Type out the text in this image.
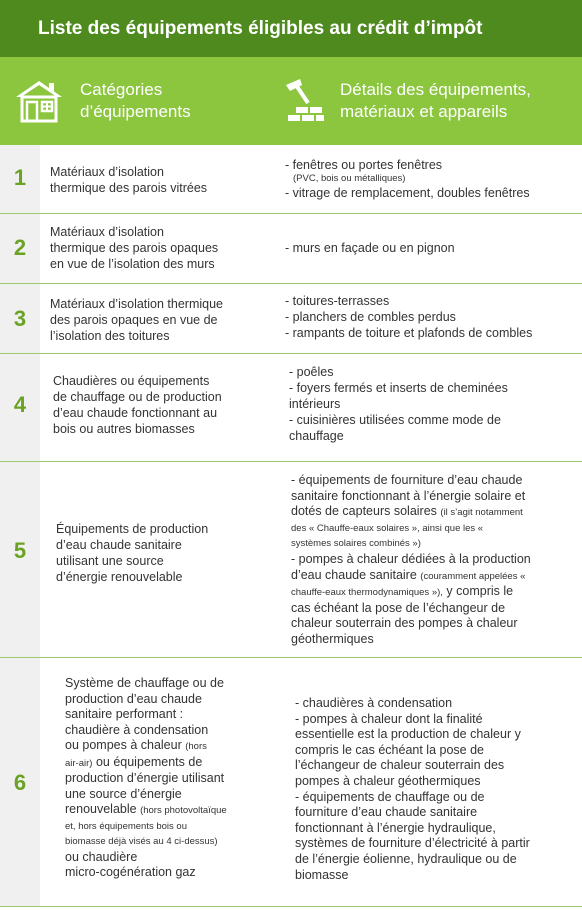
Liste des équipements éligibles au crédit d’impôt
Catégories
d’équipements
Détails des équipements,
matériaux et appareils
1	Matériaux d’isolation
thermique des parois vitrées
- fenêtres ou portes fenêtres
(PVC, bois ou métalliques)
- vitrage de remplacement, doubles fenêtres
2
Matériaux d’isolation
thermique des parois opaques
en vue de l’isolation des murs
- murs en façade ou en pignon
3
Matériaux d’isolation thermique
des parois opaques en vue de
l’isolation des toitures
- toitures-terrasses
- planchers de combles perdus
- rampants de toiture et plafonds de combles
4
Chaudières ou équipements
de chauffage ou de production
d’eau chaude fonctionnant au
bois ou autres biomasses
- poêles
- foyers fermés et inserts de cheminées
intérieurs
- cuisinières utilisées comme mode de
chauffage
5
Équipements de production
d’eau chaude sanitaire
utilisant une source
d’énergie renouvelable
- équipements de fourniture d’eau chaude
sanitaire fonctionnant à l’énergie solaire et
dotés de capteurs solaires (il s’agit notamment
des « Chauffe-eaux solaires », ainsi que les «
systèmes solaires combinés »)
- pompes à chaleur dédiées à la production
d’eau chaude sanitaire (couramment appelées «
chauffe-eaux thermodynamiques »), y compris le
cas échéant la pose de l’échangeur de
chaleur souterrain des pompes à chaleur
géothermiques
6
Système de chauffage ou de
production d’eau chaude
sanitaire performant :
chaudière à condensation
ou pompes à chaleur (hors
air-air) ou équipements de
production d’énergie utilisant
une source d’énergie
renouvelable (hors photovoltaïque
et, hors équipements bois ou
biomasse déjà visés au 4 ci-dessus)
ou chaudière
micro-cogénération gaz
- chaudières à condensation
- pompes à chaleur dont la finalité
essentielle est la production de chaleur y
compris le cas échéant la pose de
l’échangeur de chaleur souterrain des
pompes à chaleur géothermiques
- équipements de chauffage ou de
fourniture d’eau chaude sanitaire
fonctionnant à l’énergie hydraulique,
systèmes de fourniture d’électricité à partir
de l’énergie éolienne, hydraulique ou de
biomasse
